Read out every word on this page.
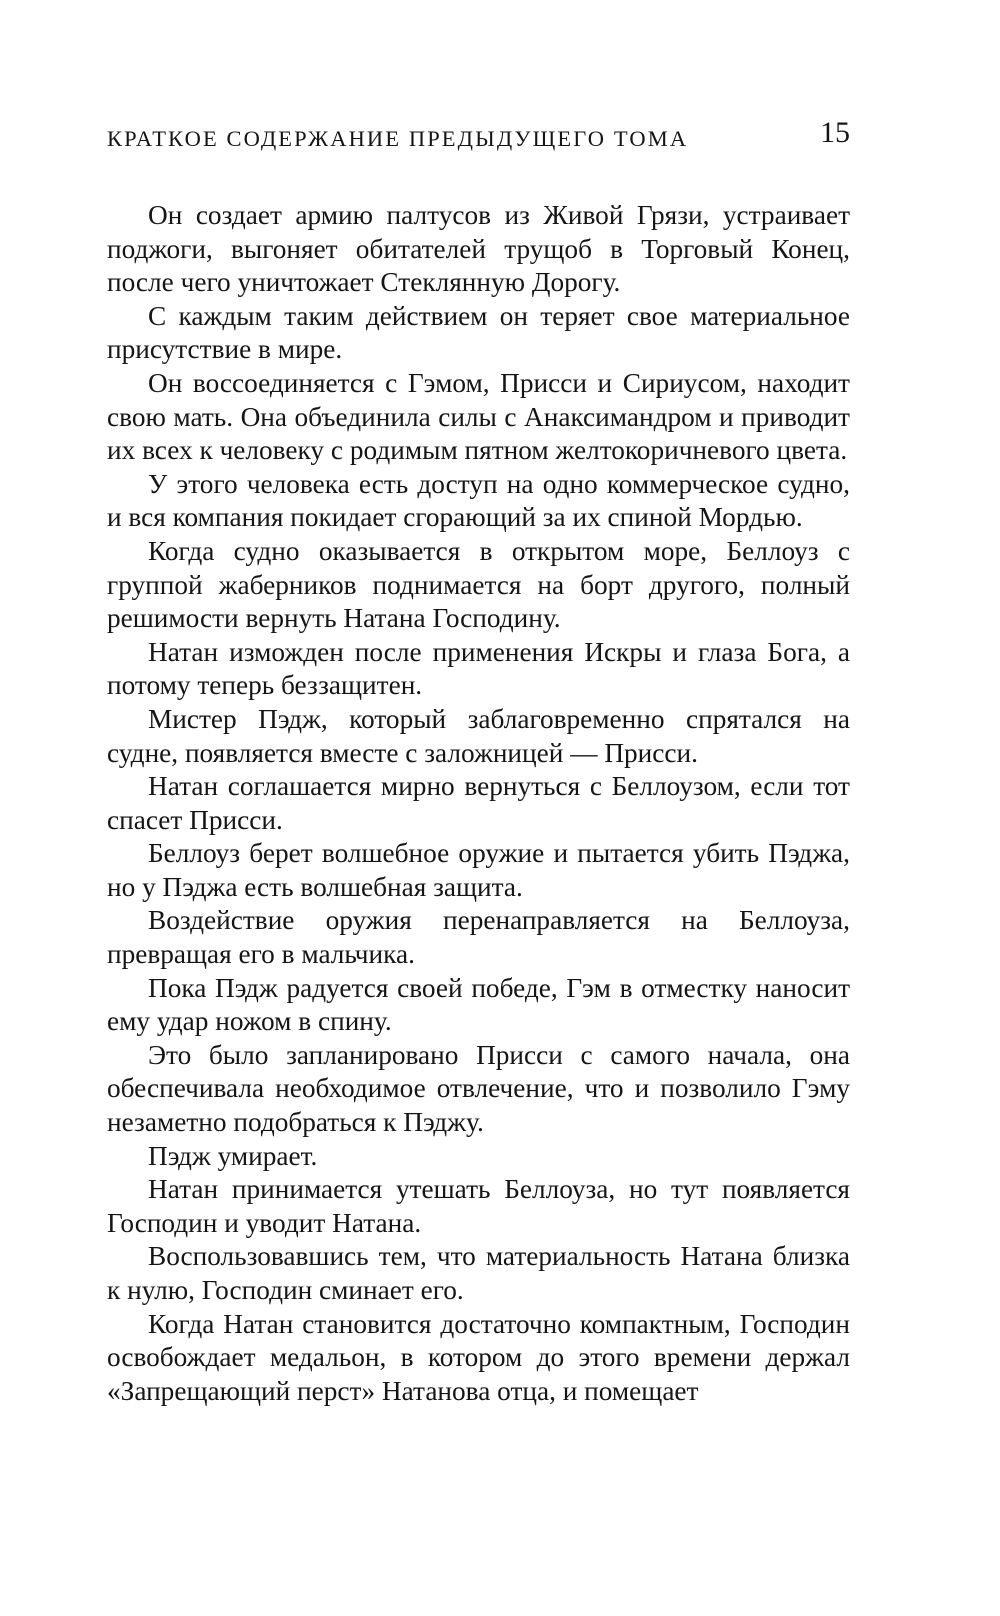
КРАТКОЕ СОДЕРЖАНИЕ ПРЕДЫДУЩЕГО ТОМА	15

Он создает армию палтусов из Живой Грязи, устраивает поджоги, выгоняет обитателей трущоб в Торговый Конец, после чего уничтожает Стеклянную Дорогу.

С каждым таким действием он теряет свое материальное присутствие в мире.

Он воссоединяется с Гэмом, Присси и Сириусом, находит свою мать. Она объединила силы с Анаксимандром и приводит их всех к человеку с родимым пятном желтокоричневого цвета.

У этого человека есть доступ на одно коммерческое судно, и вся компания покидает сгорающий за их спиной Мордью.

Когда судно оказывается в открытом море, Беллоуз с группой жаберников поднимается на борт другого, полный решимости вернуть Натана Господину.

Натан изможден после применения Искры и глаза Бога, а потому теперь беззащитен.

Мистер Пэдж, который заблаговременно спрятался на судне, появляется вместе с заложницей — Присси.

Натан соглашается мирно вернуться с Беллоузом, если тот спасет Присси.

Беллоуз берет волшебное оружие и пытается убить Пэджа, но у Пэджа есть волшебная защита.

Воздействие оружия перенаправляется на Беллоуза, превращая его в мальчика.

Пока Пэдж радуется своей победе, Гэм в отместку наносит ему удар ножом в спину.

Это было запланировано Присси с самого начала, она обеспечивала необходимое отвлечение, что и позволило Гэму незаметно подобраться к Пэджу.

Пэдж умирает.

Натан принимается утешать Беллоуза, но тут появляется Господин и уводит Натана.

Воспользовавшись тем, что материальность Натана близка к нулю, Господин сминает его.

Когда Натан становится достаточно компактным, Господин освобождает медальон, в котором до этого времени держал «Запрещающий перст» Натанова отца, и помещает
